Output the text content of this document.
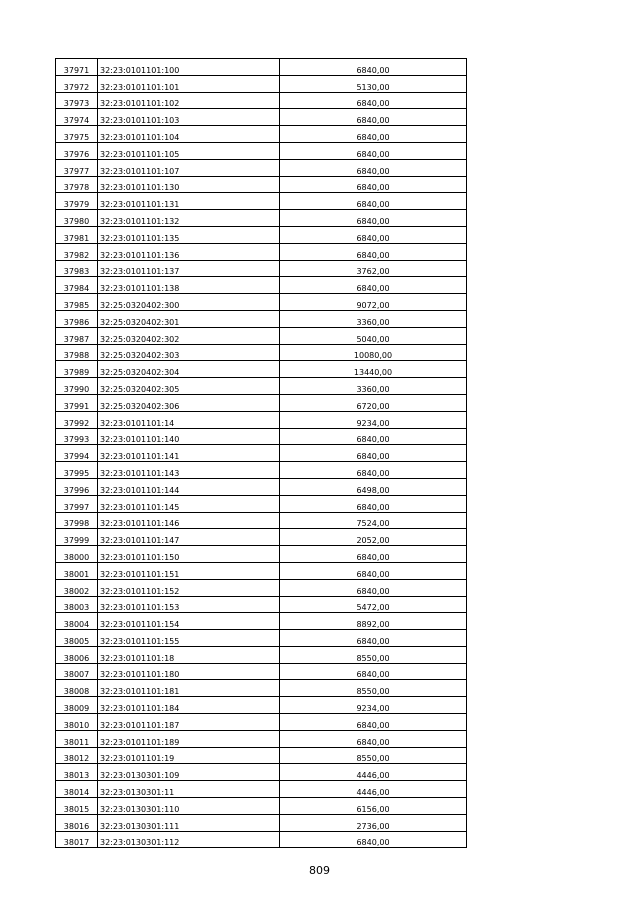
37971	32:23:0101101:100	6840,00
37972	32:23:0101101:101	5130,00
37973	32:23:0101101:102	6840,00
37974	32:23:0101101:103	6840,00
37975	32:23:0101101:104	6840,00
37976	32:23:0101101:105	6840,00
37977	32:23:0101101:107	6840,00
37978	32:23:0101101:130	6840,00
37979	32:23:0101101:131	6840,00
37980	32:23:0101101:132	6840,00
37981	32:23:0101101:135	6840,00
37982	32:23:0101101:136	6840,00
37983	32:23:0101101:137	3762,00
37984	32:23:0101101:138	6840,00
37985	32:25:0320402:300	9072,00
37986	32:25:0320402:301	3360,00
37987	32:25:0320402:302	5040,00
37988	32:25:0320402:303	10080,00
37989	32:25:0320402:304	13440,00
37990	32:25:0320402:305	3360,00
37991	32:25:0320402:306	6720,00
37992	32:23:0101101:14	9234,00
37993	32:23:0101101:140	6840,00
37994	32:23:0101101:141	6840,00
37995	32:23:0101101:143	6840,00
37996	32:23:0101101:144	6498,00
37997	32:23:0101101:145	6840,00
37998	32:23:0101101:146	7524,00
37999	32:23:0101101:147	2052,00
38000	32:23:0101101:150	6840,00
38001	32:23:0101101:151	6840,00
38002	32:23:0101101:152	6840,00
38003	32:23:0101101:153	5472,00
38004	32:23:0101101:154	8892,00
38005	32:23:0101101:155	6840,00
38006	32:23:0101101:18	8550,00
38007	32:23:0101101:180	6840,00
38008	32:23:0101101:181	8550,00
38009	32:23:0101101:184	9234,00
38010	32:23:0101101:187	6840,00
38011	32:23:0101101:189	6840,00
38012	32:23:0101101:19	8550,00
38013	32:23:0130301:109	4446,00
38014	32:23:0130301:11	4446,00
38015	32:23:0130301:110	6156,00
38016	32:23:0130301:111	2736,00
38017	32:23:0130301:112	6840,00
809
